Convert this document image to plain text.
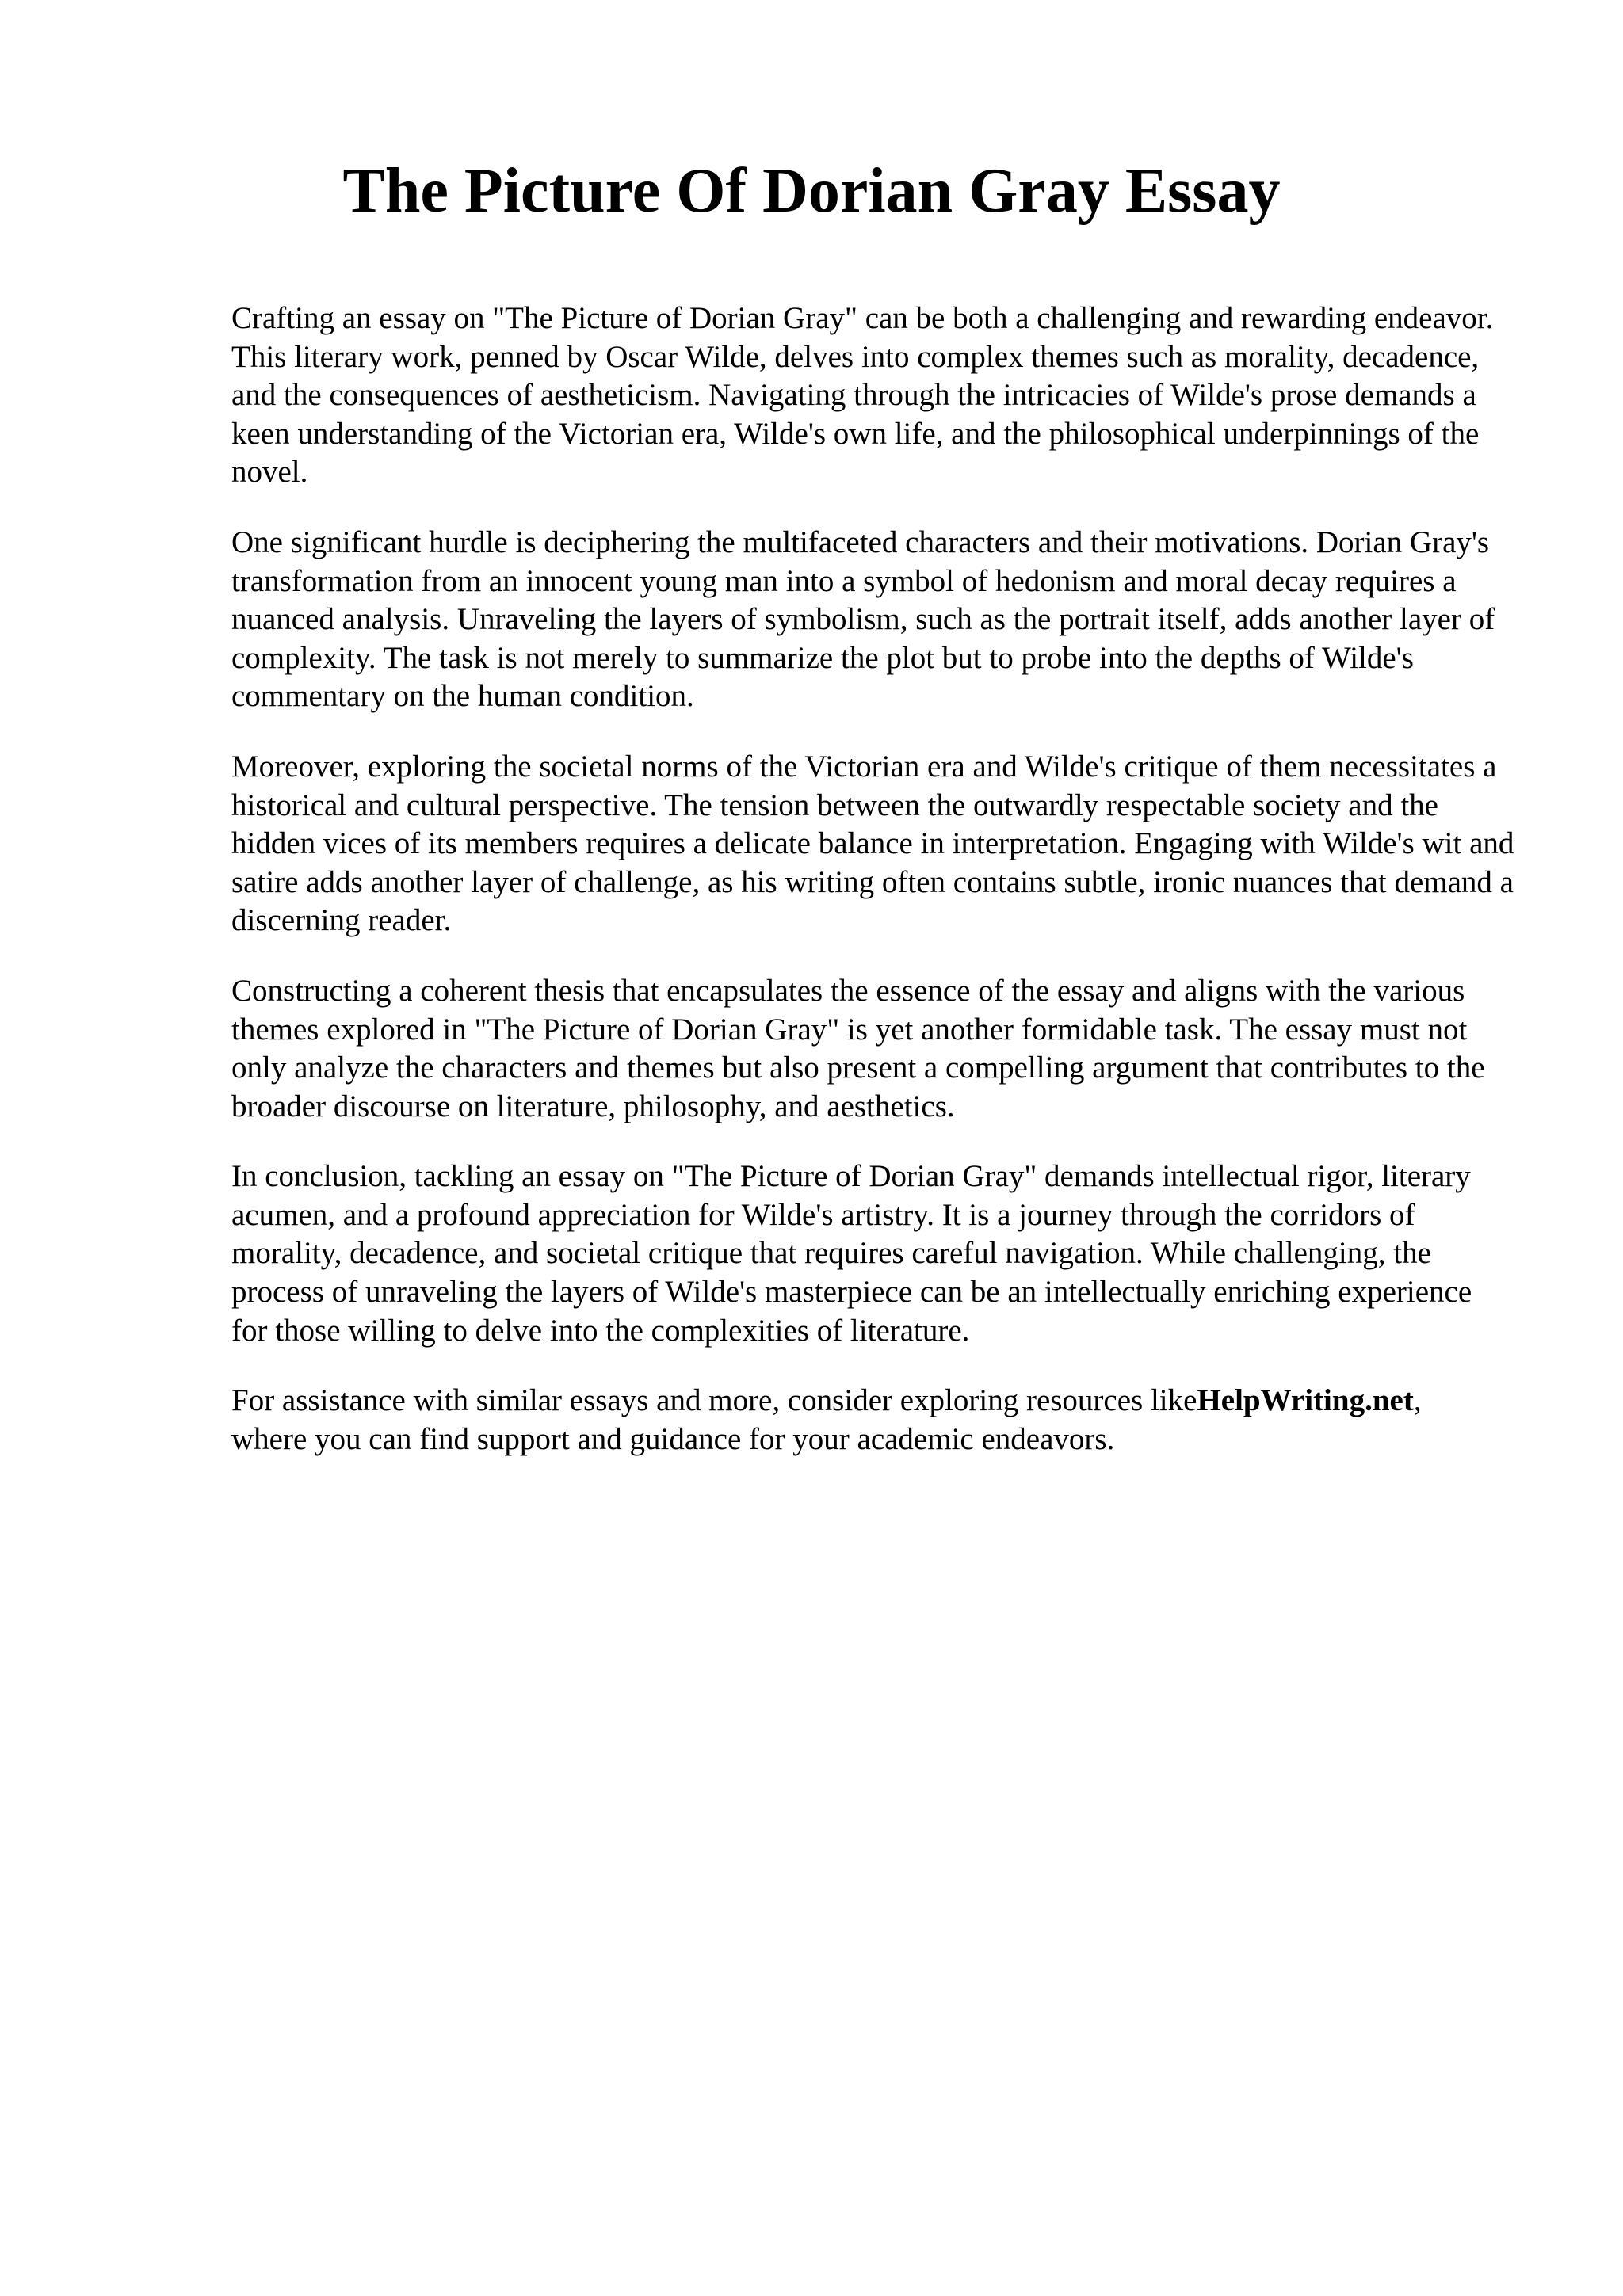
The Picture Of Dorian Gray Essay

Crafting an essay on "The Picture of Dorian Gray" can be both a challenging and rewarding endeavor. This literary work, penned by Oscar Wilde, delves into complex themes such as morality, decadence, and the consequences of aestheticism. Navigating through the intricacies of Wilde's prose demands a keen understanding of the Victorian era, Wilde's own life, and the philosophical underpinnings of the novel.

One significant hurdle is deciphering the multifaceted characters and their motivations. Dorian Gray's transformation from an innocent young man into a symbol of hedonism and moral decay requires a nuanced analysis. Unraveling the layers of symbolism, such as the portrait itself, adds another layer of complexity. The task is not merely to summarize the plot but to probe into the depths of Wilde's commentary on the human condition.

Moreover, exploring the societal norms of the Victorian era and Wilde's critique of them necessitates a historical and cultural perspective. The tension between the outwardly respectable society and the hidden vices of its members requires a delicate balance in interpretation. Engaging with Wilde's wit and satire adds another layer of challenge, as his writing often contains subtle, ironic nuances that demand a discerning reader.

Constructing a coherent thesis that encapsulates the essence of the essay and aligns with the various themes explored in "The Picture of Dorian Gray" is yet another formidable task. The essay must not only analyze the characters and themes but also present a compelling argument that contributes to the broader discourse on literature, philosophy, and aesthetics.

In conclusion, tackling an essay on "The Picture of Dorian Gray" demands intellectual rigor, literary acumen, and a profound appreciation for Wilde's artistry. It is a journey through the corridors of morality, decadence, and societal critique that requires careful navigation. While challenging, the process of unraveling the layers of Wilde's masterpiece can be an intellectually enriching experience for those willing to delve into the complexities of literature.

For assistance with similar essays and more, consider exploring resources likeHelpWriting.net,
where you can find support and guidance for your academic endeavors.
